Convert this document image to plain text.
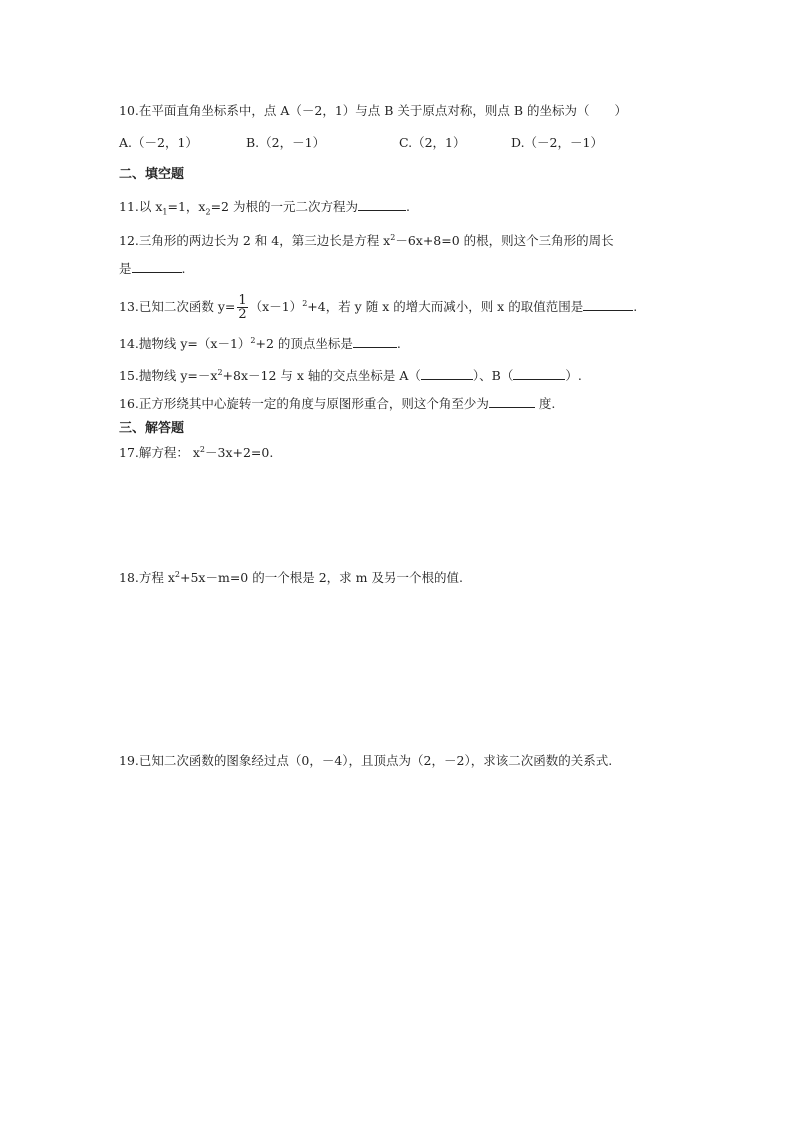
10.在平面直角坐标系中，点 A（－2，1）与点 B 关于原点对称，则点 B 的坐标为（　　）
A.（－2，1）	B.（2，－1）	C.（2，1）	D.（－2，－1）
二、填空题
11.以 $x_1=1$，$x_2=2$ 为根的一元二次方程为	.
12.三角形的两边长为 2 和 4，第三边长是方程 $x^2-6x+8=0$ 的根，则这个三角形的周长
是	.
13.已知二次函数 $y= \frac{1}{2} (x-1)^2+4$，若 y 随 x 的增大而减小，则 x 的取值范围是	.
14.抛物线 $y=(x-1)^2+2$ 的顶点坐标是	.
15.抛物线 $y=-x^2+8x-12$ 与 x 轴的交点坐标是 A（	）、B（	）.
16.正方形绕其中心旋转一定的角度与原图形重合，则这个角至少为	度.
三、解答题
17.解方程： $x^2-3x+2=0$.
18.方程 $x^2+5x-m=0$ 的一个根是 2，求 m 及另一个根的值.
19.已知二次函数的图象经过点（0，－4），且顶点为（2，－2），求该二次函数的关系式.
